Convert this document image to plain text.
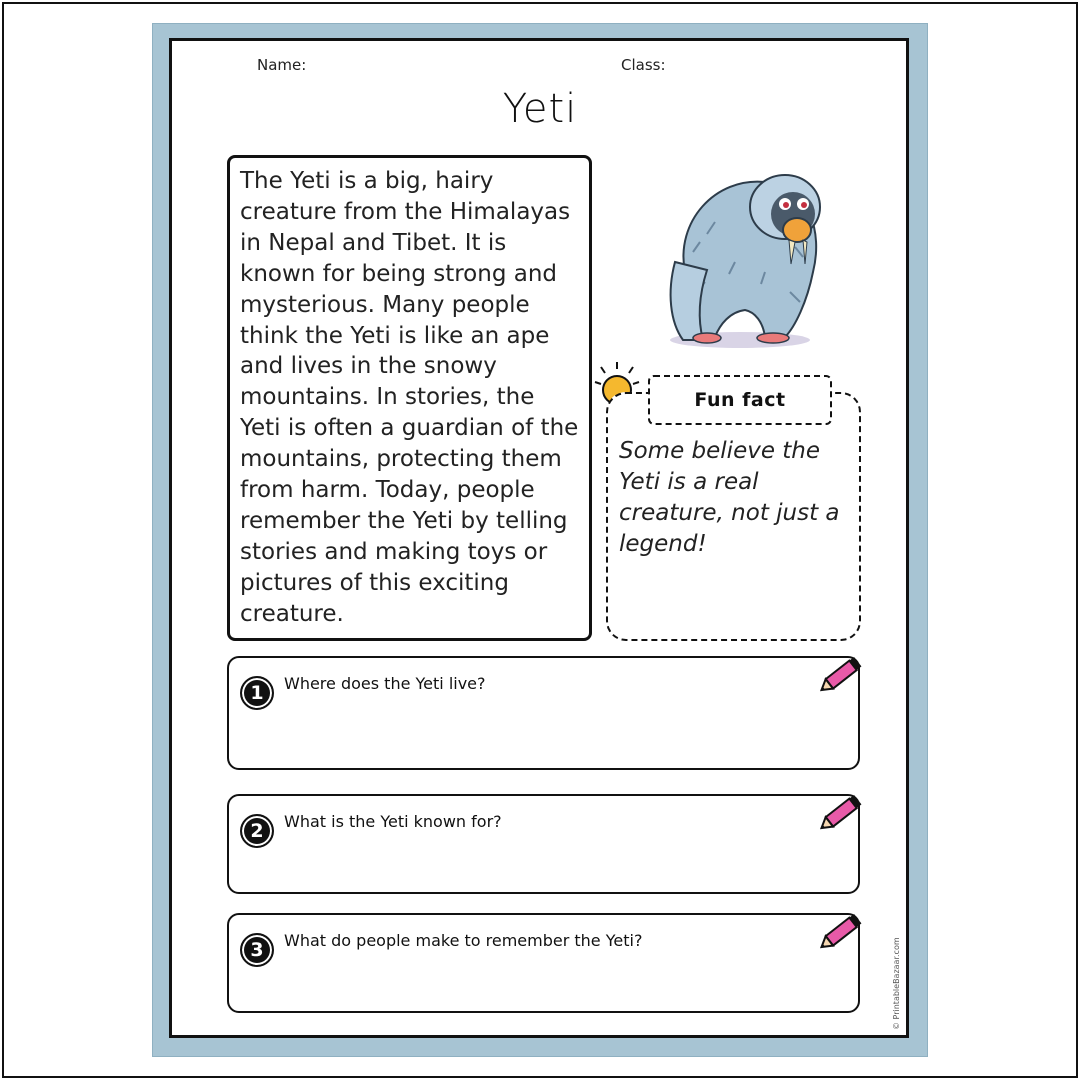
Name:	Class:
Yeti
The Yeti is a big, hairy creature from the Himalayas in Nepal and Tibet. It is known for being strong and mysterious. Many people think the Yeti is like an ape and lives in the snowy mountains. In stories, the Yeti is often a guardian of the mountains, protecting them from harm. Today, people remember the Yeti by telling stories and making toys or pictures of this exciting creature.
Fun fact
Some believe the Yeti is a real creature, not just a legend!
1	Where does the Yeti live?
2	What is the Yeti known for?
3	What do people make to remember the Yeti?	© PrintableBazaar.com
